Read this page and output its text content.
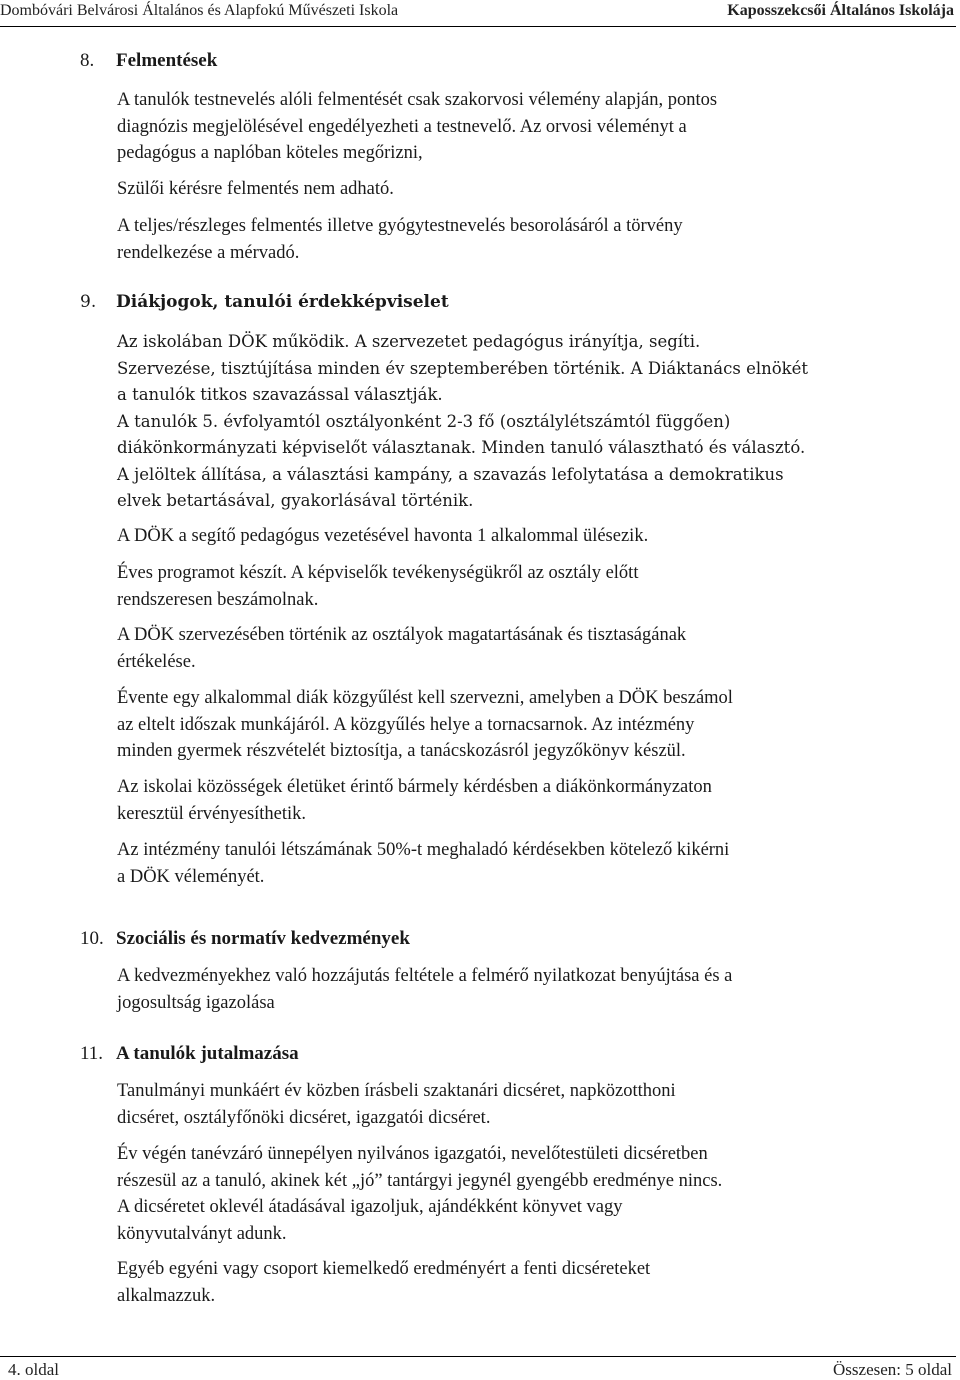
Dombóvári Belvárosi Általános és Alapfokú Művészeti Iskola	Kaposszekcsői Általános Iskolája
8. Felmentések
A tanulók testnevelés alóli felmentését csak szakorvosi vélemény alapján, pontos
diagnózis megjelölésével engedélyezheti a testnevelő. Az orvosi véleményt a
pedagógus a naplóban köteles megőrizni,
Szülői kérésre felmentés nem adható.
A teljes/részleges felmentés illetve gyógytestnevelés besorolásáról a törvény
rendelkezése a mérvadó.
9. Diákjogok, tanulói érdekképviselet
Az iskolában DÖK működik. A szervezetet pedagógus irányítja, segíti.
Szervezése, tisztújítása minden év szeptemberében történik. A Diáktanács elnökét
a tanulók titkos szavazással választják.
A tanulók 5. évfolyamtól osztályonként 2-3 fő (osztálylétszámtól függően)
diákönkormányzati képviselőt választanak. Minden tanuló választható és választó.
A jelöltek állítása, a választási kampány, a szavazás lefolytatása a demokratikus
elvek betartásával, gyakorlásával történik.
A DÖK a segítő pedagógus vezetésével havonta 1 alkalommal ülésezik.
Éves programot készít. A képviselők tevékenységükről az osztály előtt
rendszeresen beszámolnak.
A DÖK szervezésében történik az osztályok magatartásának és tisztaságának
értékelése.
Évente egy alkalommal diák közgyűlést kell szervezni, amelyben a DÖK beszámol
az eltelt időszak munkájáról. A közgyűlés helye a tornacsarnok. Az intézmény
minden gyermek részvételét biztosítja, a tanácskozásról jegyzőkönyv készül.
Az iskolai közösségek életüket érintő bármely kérdésben a diákönkormányzaton
keresztül érvényesíthetik.
Az intézmény tanulói létszámának 50%-t meghaladó kérdésekben kötelező kikérni
a DÖK véleményét.
10. Szociális és normatív kedvezmények
A kedvezményekhez való hozzájutás feltétele a felmérő nyilatkozat benyújtása és a
jogosultság igazolása
11. A tanulók jutalmazása
Tanulmányi munkáért év közben írásbeli szaktanári dicséret, napközotthoni
dicséret, osztályfőnöki dicséret, igazgatói dicséret.
Év végén tanévzáró ünnepélyen nyilvános igazgatói, nevelőtestületi dicséretben
részesül az a tanuló, akinek két „jó” tantárgyi jegynél gyengébb eredménye nincs.
A dicséretet oklevél átadásával igazoljuk, ajándékként könyvet vagy
könyvutalványt adunk.
Egyéb egyéni vagy csoport kiemelkedő eredményért a fenti dicséreteket
alkalmazzuk.
4. oldal	Összesen: 5 oldal
